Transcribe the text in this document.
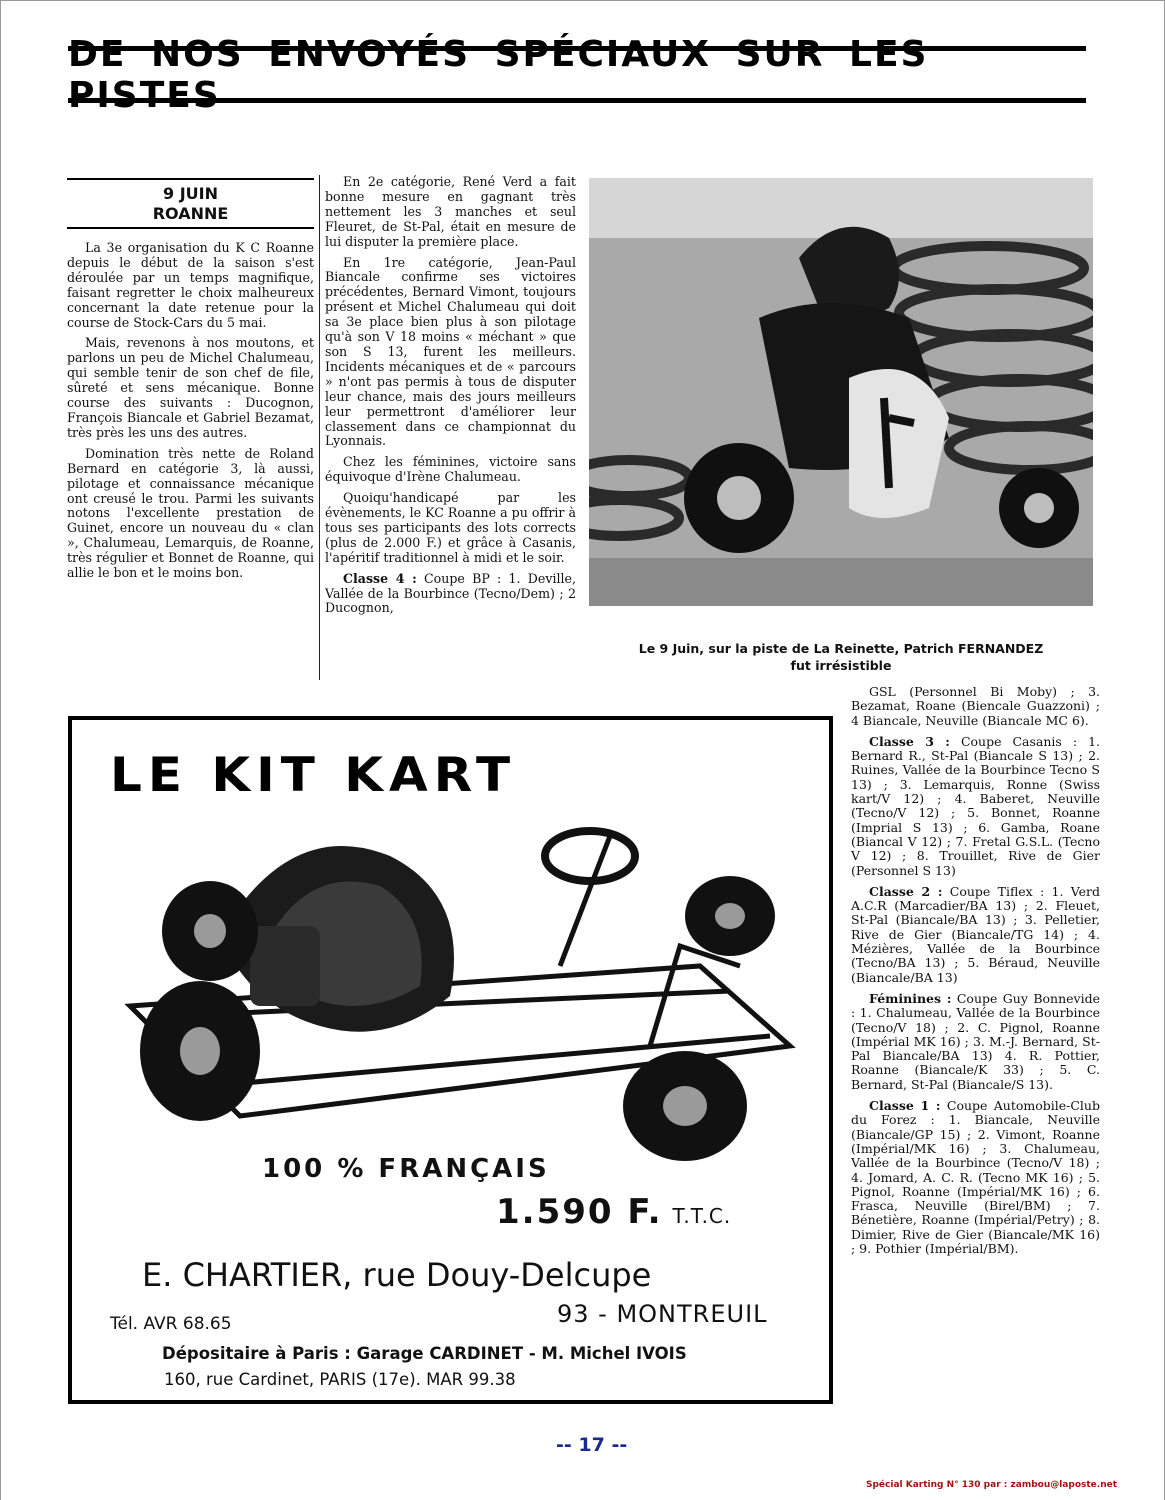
DE NOS ENVOYÉS SPÉCIAUX SUR LES PISTES
9 JUIN
ROANNE

La 3e organisation du K C Roanne depuis le début de la saison s'est déroulée par un temps magnifique, faisant regretter le choix malheureux concernant la date retenue pour la course de Stock-Cars du 5 mai.

Mais, revenons à nos moutons, et parlons un peu de Michel Chalumeau, qui semble tenir de son chef de file, sûreté et sens mécanique. Bonne course des suivants : Ducognon, François Biancale et Gabriel Bezamat, très près les uns des autres.

Domination très nette de Roland Bernard en catégorie 3, là aussi, pilotage et connaissance mécanique ont creusé le trou. Parmi les suivants notons l'excellente prestation de Guinet, encore un nouveau du « clan », Chalumeau, Lemarquis, de Roanne, très régulier et Bonnet de Roanne, qui allie le bon et le moins bon.

En 2e catégorie, René Verd a fait bonne mesure en gagnant très nettement les 3 manches et seul Fleuret, de St-Pal, était en mesure de lui disputer la première place.

En 1re catégorie, Jean-Paul Biancale confirme ses victoires précédentes, Bernard Vimont, toujours présent et Michel Chalumeau qui doit sa 3e place bien plus à son pilotage qu'à son V 18 moins « méchant » que son S 13, furent les meilleurs. Incidents mécaniques et de « parcours » n'ont pas permis à tous de disputer leur chance, mais des jours meilleurs leur permettront d'améliorer leur classement dans ce championnat du Lyonnais.

Chez les féminines, victoire sans équivoque d'Irène Chalumeau.

Quoiqu'handicapé par les évènements, le KC Roanne a pu offrir à tous ses participants des lots corrects (plus de 2.000 F.) et grâce à Casanis, l'apéritif traditionnel à midi et le soir.

Classe 4 : Coupe BP : 1. Deville, Vallée de la Bourbince (Tecno/Dem) ; 2 Ducognon,

Le 9 Juin, sur la piste de La Reinette, Patrich FERNANDEZ
fut irrésistible

GSL (Personnel Bi Moby) ; 3. Bezamat, Roane (Biencale Guazzoni) ; 4 Biancale, Neuville (Biancale MC 6).

Classe 3 : Coupe Casanis : 1. Bernard R., St-Pal (Biancale S 13) ; 2. Ruines, Vallée de la Bourbince Tecno S 13) ; 3. Lemarquis, Ronne (Swiss kart/V 12) ; 4. Baberet, Neuville (Tecno/V 12) ; 5. Bonnet, Roanne (Imprial S 13) ; 6. Gamba, Roane (Biancal V 12) ; 7. Fretal G.S.L. (Tecno V 12) ; 8. Trouillet, Rive de Gier (Personnel S 13)

Classe 2 : Coupe Tiflex : 1. Verd A.C.R (Marcadier/BA 13) ; 2. Fleuet, St-Pal (Biancale/BA 13) ; 3. Pelletier, Rive de Gier (Biancale/TG 14) ; 4. Mézières, Vallée de la Bourbince (Tecno/BA 13) ; 5. Béraud, Neuville (Biancale/BA 13)

Féminines : Coupe Guy Bonnevide : 1. Chalumeau, Vallée de la Bourbince (Tecno/V 18) ; 2. C. Pignol, Roanne (Impérial MK 16) ; 3. M.-J. Bernard, St-Pal Biancale/BA 13) 4. R. Pottier, Roanne (Biancale/K 33) ; 5. C. Bernard, St-Pal (Biancale/S 13).

Classe 1 : Coupe Automobile-Club du Forez : 1. Biancale, Neuville (Biancale/GP 15) ; 2. Vimont, Roanne (Impérial/MK 16) ; 3. Chalumeau, Vallée de la Bourbince (Tecno/V 18) ; 4. Jomard, A. C. R. (Tecno MK 16) ; 5. Pignol, Roanne (Impérial/MK 16) ; 6. Frasca, Neuville (Birel/BM) ; 7. Bénetière, Roanne (Impérial/Petry) ; 8. Dimier, Rive de Gier (Biancale/MK 16) ; 9. Pothier (Impérial/BM).

LE KIT KART
100 % FRANÇAIS
1.590 F. T.T.C.
E. CHARTIER, rue Douy-Delcupe
Tél. AVR 68.65	93 - MONTREUIL
Dépositaire à Paris : Garage CARDINET - M. Michel IVOIS
160, rue Cardinet, PARIS (17e). MAR 99.38
-- 17 --
Spécial Karting N° 130 par : zambou@laposte.net
